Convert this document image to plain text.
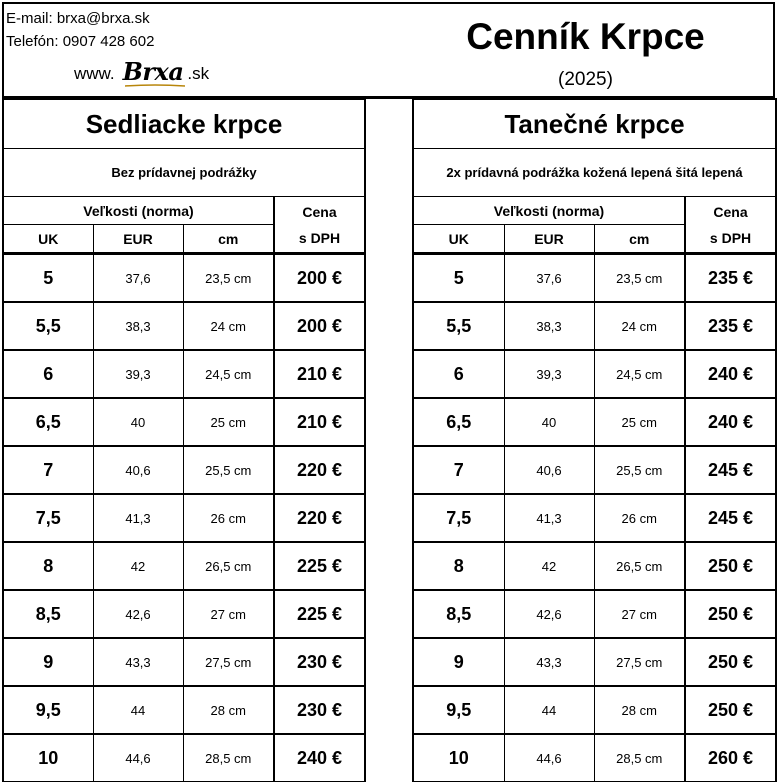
E-mail: brxa@brxa.sk
Telefón: 0907 428 602
www. Brxa .sk
Cenník Krpce
(2025)
Sedliacke krpce			
Bez prídavnej podrážky			
Veľkosti (norma)			Cena
s DPH

UK	EUR	cm	
5	37,6	23,5 cm	200 €
5,5	38,3	24 cm	200 €
6	39,3	24,5 cm	210 €
6,5	40	25 cm	210 €
7	40,6	25,5 cm	220 €
7,5	41,3	26 cm	220 €
8	42	26,5 cm	225 €
8,5	42,6	27 cm	225 €
9	43,3	27,5 cm	230 €
9,5	44	28 cm	230 €
10	44,6	28,5 cm	240 €
Tanečné krpce			
2x prídavná podrážka kožená lepená šitá lepená			
Veľkosti (norma)			Cena
s DPH

UK	EUR	cm	
5	37,6	23,5 cm	235 €
5,5	38,3	24 cm	235 €
6	39,3	24,5 cm	240 €
6,5	40	25 cm	240 €
7	40,6	25,5 cm	245 €
7,5	41,3	26 cm	245 €
8	42	26,5 cm	250 €
8,5	42,6	27 cm	250 €
9	43,3	27,5 cm	250 €
9,5	44	28 cm	250 €
10	44,6	28,5 cm	260 €
